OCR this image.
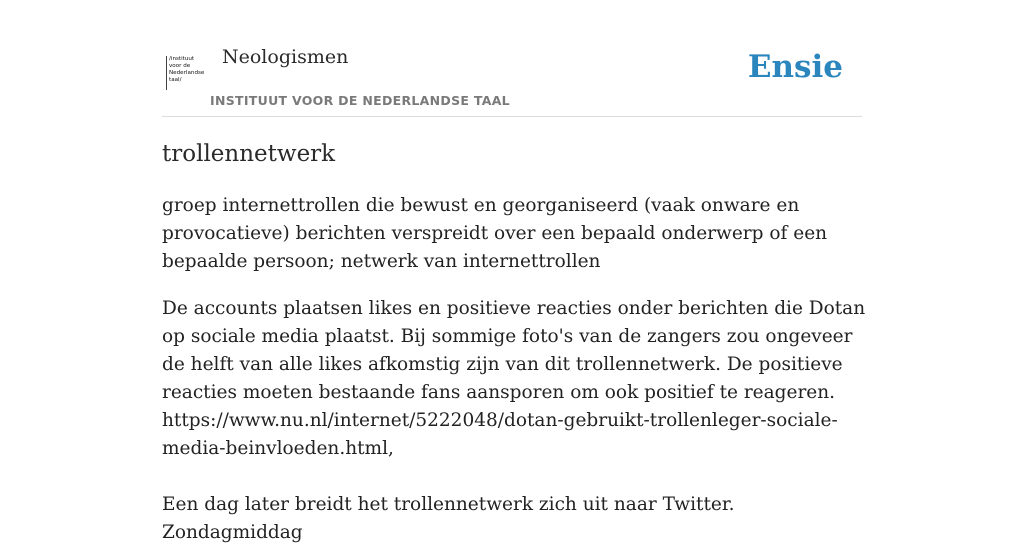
/instituut
voor de
Nederlandse
taal/
Neologismen
INSTITUUT VOOR DE NEDERLANDSE TAAL
Ensie
trollennetwerk

groep internettrollen die bewust en georganiseerd (vaak onware en provocatieve) berichten verspreidt over een bepaald onderwerp of een bepaalde persoon; netwerk van internettrollen

De accounts plaatsen likes en positieve reacties onder berichten die Dotan op sociale media plaatst. Bij sommige foto's van de zangers zou ongeveer de helft van alle likes afkomstig zijn van dit trollennetwerk. De positieve reacties moeten bestaande fans aansporen om ook positief te reageren.
https://www.nu.nl/internet/5222048/dotan-gebruikt-trollenleger-sociale-media-beinvloeden.html,
Een dag later breidt het trollennetwerk zich uit naar Twitter. Zondagmiddag
